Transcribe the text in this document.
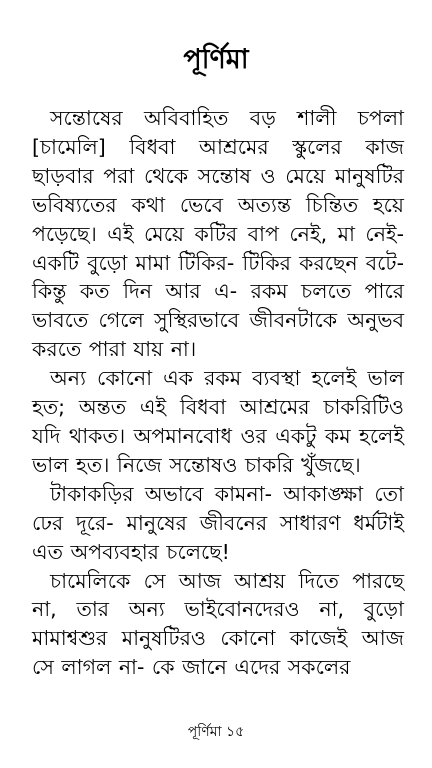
পূর্ণিমা

সন্তোষের অবিবাহিত বড় শালী চপলা [চামেলি] বিধবা আশ্রমের স্কুলের কাজ ছাড়বার পরা থেকে সন্তোষ ও মেয়ে মানুষটির ভবিষ্যতের কথা ভেবে অত্যন্ত চিন্তিত হয়ে পড়েছে। এই মেয়ে কটির বাপ নেই, মা নেই- একটি বুড়ো মামা টিকির- টিকির করছেন বটে- কিন্তু কত দিন আর এ- রকম চলতে পারে ভাবতে গেলে সুস্থিরভাবে জীবনটাকে অনুভব করতে পারা যায় না।

অন্য কোনো এক রকম ব্যবস্থা হলেই ভাল হত; অন্তত এই বিধবা আশ্রমের চাকরিটিও যদি থাকত। অপমানবোধ ওর একটু কম হলেই ভাল হত। নিজে সন্তোষও চাকরি খুঁজছে।

টাকাকড়ির অভাবে কামনা- আকাঙ্ক্ষা তো ঢের দূরে- মানুষের জীবনের সাধারণ ধর্মটাই এত অপব্যবহার চলেছে!

চামেলিকে সে আজ আশ্রয় দিতে পারছে না, তার অন্য ভাইবোনদেরও না, বুড়ো মামাশ্বশুর মানুষটিরও কোনো কাজেই আজ সে লাগল না- কে জানে এদের সকলের

পূর্ণিমা ১৫
